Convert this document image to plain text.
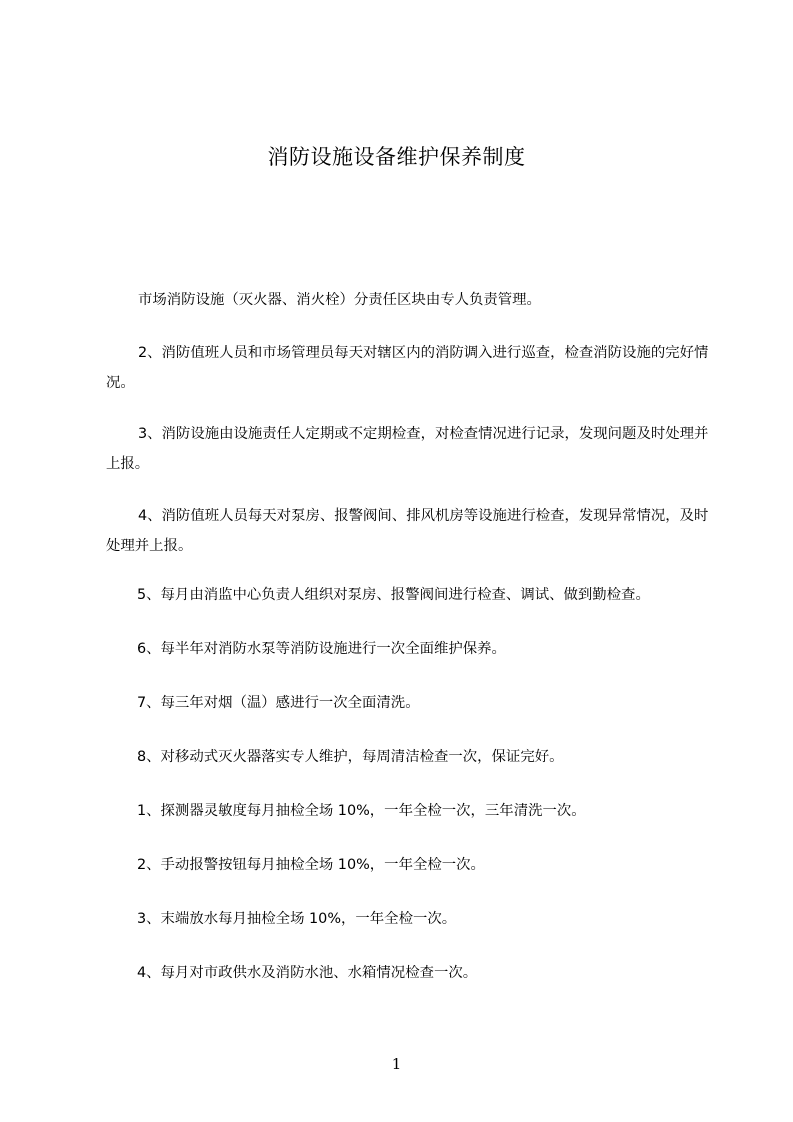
消防设施设备维护保养制度

市场消防设施（灭火器、消火栓）分责任区块由专人负责管理。

2、消防值班人员和市场管理员每天对辖区内的消防调入进行巡查，检查消防设施的完好情况。

3、消防设施由设施责任人定期或不定期检查，对检查情况进行记录，发现问题及时处理并上报。

4、消防值班人员每天对泵房、报警阀间、排风机房等设施进行检查，发现异常情况，及时处理并上报。

5、每月由消监中心负责人组织对泵房、报警阀间进行检查、调试、做到勤检查。

6、每半年对消防水泵等消防设施进行一次全面维护保养。

7、每三年对烟（温）感进行一次全面清洗。

8、对移动式灭火器落实专人维护，每周清洁检查一次，保证完好。

1、探测器灵敏度每月抽检全场 10%，一年全检一次，三年清洗一次。

2、手动报警按钮每月抽检全场 10%，一年全检一次。

3、末端放水每月抽检全场 10%，一年全检一次。

4、每月对市政供水及消防水池、水箱情况检查一次。

1
